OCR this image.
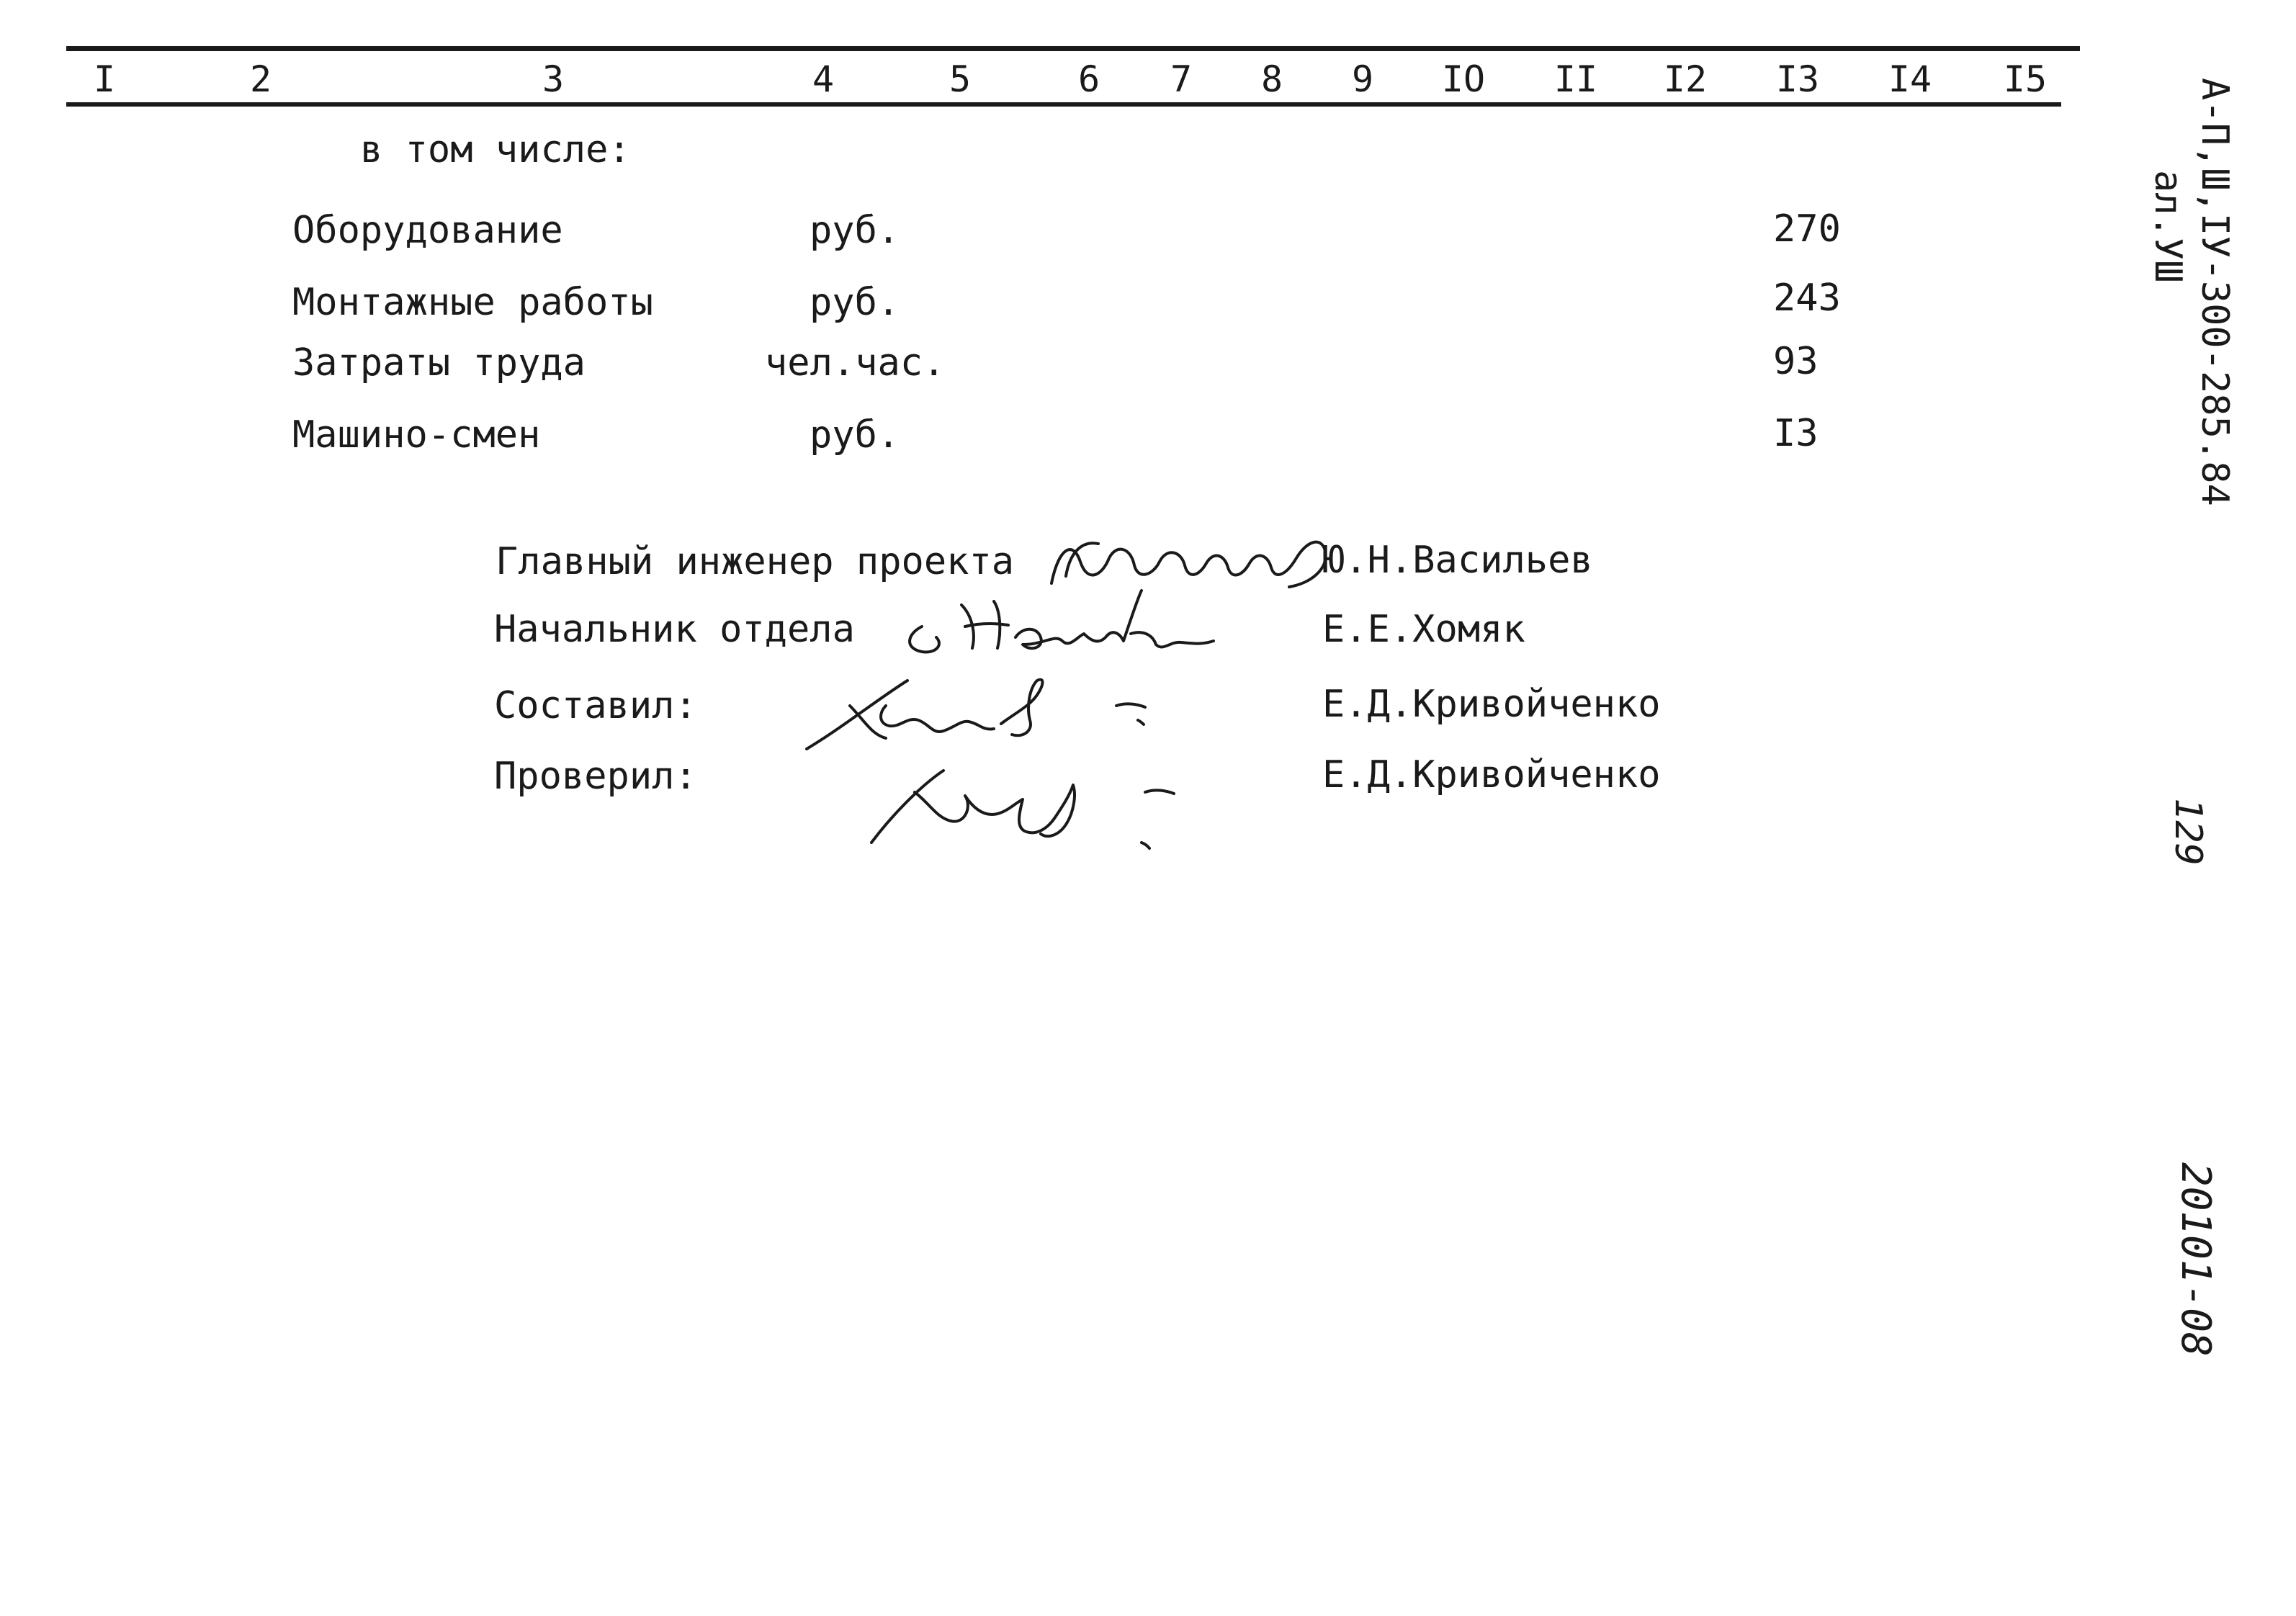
I	2	3	4	5	6 7 8 9 IO II I2 I3 I4 I5
в том числе:
Оборудование	руб.	270
Монтажные работы	руб.	243
Затраты труда	чел.час.	93
Машино-смен	руб.	I3
Главный инженер проекта	Ю.Н.Васильев
Начальник отдела	Е.Е.Хомяк
Составил:	Е.Д.Кривойченко
Проверил:	Е.Д.Кривойченко
А-П,Ш,IУ-300-285.84
ал.УШ
129
20101-08
